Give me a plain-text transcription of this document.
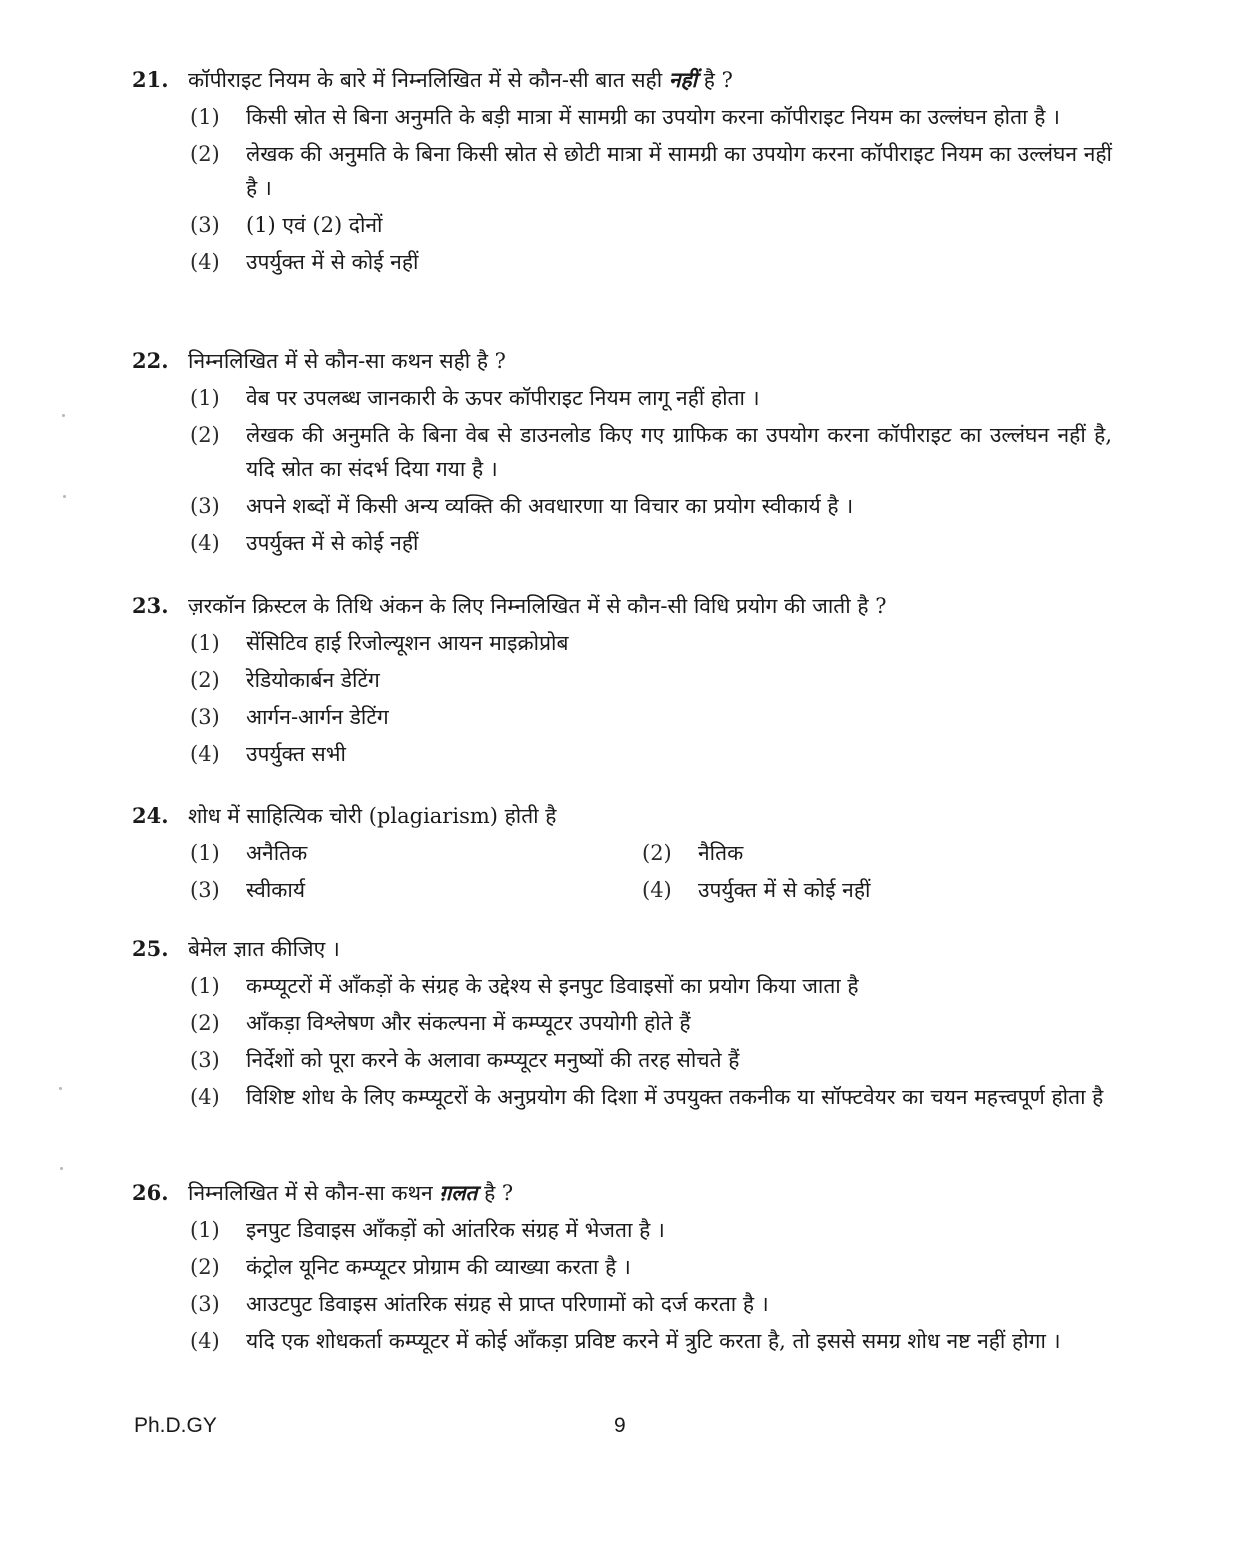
21. कॉपीराइट नियम के बारे में निम्नलिखित में से कौन-सी बात सही नहीं है ?
(1)	किसी स्रोत से बिना अनुमति के बड़ी मात्रा में सामग्री का उपयोग करना कॉपीराइट नियम का उल्लंघन होता है ।
(2)	लेखक की अनुमति के बिना किसी स्रोत से छोटी मात्रा में सामग्री का उपयोग करना कॉपीराइट नियम का उल्लंघन नहीं है ।
(3)	(1) एवं (2) दोनों
(4)	उपर्युक्त में से कोई नहीं
22. निम्नलिखित में से कौन-सा कथन सही है ?
(1)	वेब पर उपलब्ध जानकारी के ऊपर कॉपीराइट नियम लागू नहीं होता ।
(2)	लेखक की अनुमति के बिना वेब से डाउनलोड किए गए ग्राफिक का उपयोग करना कॉपीराइट का उल्लंघन नहीं है, यदि स्रोत का संदर्भ दिया गया है ।
(3)	अपने शब्दों में किसी अन्य व्यक्ति की अवधारणा या विचार का प्रयोग स्वीकार्य है ।
(4)	उपर्युक्त में से कोई नहीं
23. ज़रकॉन क्रिस्टल के तिथि अंकन के लिए निम्नलिखित में से कौन-सी विधि प्रयोग की जाती है ?
(1)	सेंसिटिव हाई रिजोल्यूशन आयन माइक्रोप्रोब
(2)	रेडियोकार्बन डेटिंग
(3)	आर्गन-आर्गन डेटिंग
(4)	उपर्युक्त सभी
24. शोध में साहित्यिक चोरी (plagiarism) होती है
(1)	अनैतिक	(2)	नैतिक
(3)	स्वीकार्य	(4)	उपर्युक्त में से कोई नहीं
25. बेमेल ज्ञात कीजिए ।
(1)	कम्प्यूटरों में आँकड़ों के संग्रह के उद्देश्य से इनपुट डिवाइसों का प्रयोग किया जाता है
(2)	आँकड़ा विश्लेषण और संकल्पना में कम्प्यूटर उपयोगी होते हैं
(3)	निर्देशों को पूरा करने के अलावा कम्प्यूटर मनुष्यों की तरह सोचते हैं
(4)	विशिष्ट शोध के लिए कम्प्यूटरों के अनुप्रयोग की दिशा में उपयुक्त तकनीक या सॉफ्टवेयर का चयन महत्त्वपूर्ण होता है
26. निम्नलिखित में से कौन-सा कथन ग़लत है ?
(1)	इनपुट डिवाइस आँकड़ों को आंतरिक संग्रह में भेजता है ।
(2)	कंट्रोल यूनिट कम्प्यूटर प्रोग्राम की व्याख्या करता है ।
(3)	आउटपुट डिवाइस आंतरिक संग्रह से प्राप्त परिणामों को दर्ज करता है ।
(4)	यदि एक शोधकर्ता कम्प्यूटर में कोई आँकड़ा प्रविष्ट करने में त्रुटि करता है, तो इससे समग्र शोध नष्ट नहीं होगा ।
Ph.D.GY	9
